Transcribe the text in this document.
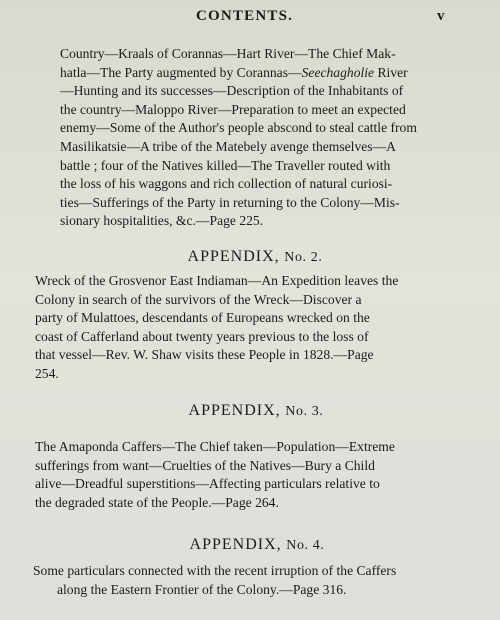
CONTENTS.	v
Country—Kraals of Corannas—Hart River—The Chief Mak-
hatla—The Party augmented by Corannas—Seechagholie River
—Hunting and its successes—Description of the Inhabitants of
the country—Maloppo River—Preparation to meet an expected
enemy—Some of the Author's people abscond to steal cattle from
Masilikatsie—A tribe of the Matebely avenge themselves—A
battle ; four of the Natives killed—The Traveller routed with
the loss of his waggons and rich collection of natural curiosi-
ties—Sufferings of the Party in returning to the Colony—Mis-
sionary hospitalities, &c.—Page 225.
APPENDIX, No. 2.
Wreck of the Grosvenor East Indiaman—An Expedition leaves the
Colony in search of the survivors of the Wreck—Discover a
party of Mulattoes, descendants of Europeans wrecked on the
coast of Cafferland about twenty years previous to the loss of
that vessel—Rev. W. Shaw visits these People in 1828.—Page
254.
APPENDIX, No. 3.
The Amaponda Caffers—The Chief taken—Population—Extreme
sufferings from want—Cruelties of the Natives—Bury a Child
alive—Dreadful superstitions—Affecting particulars relative to
the degraded state of the People.—Page 264.
APPENDIX, No. 4.
Some particulars connected with the recent irruption of the Caffers
along the Eastern Frontier of the Colony.—Page 316.
